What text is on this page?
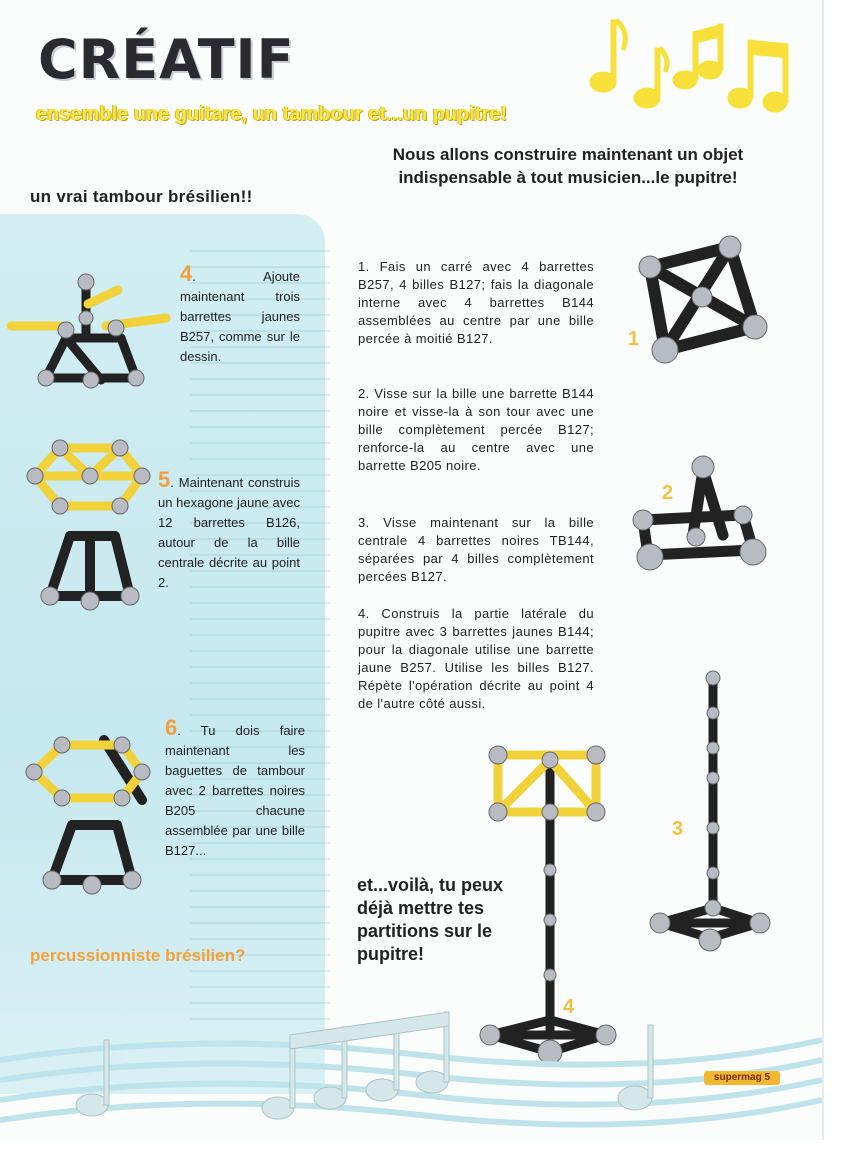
CRÉATIF
ensemble une guitare, un tambour et...un pupitre!
un vrai tambour brésilien!!
Nous allons construire maintenant un objet indispensable à tout musicien...le pupitre!
4. Ajoute maintenant trois barrettes jaunes B257, comme sur le dessin.
5. Maintenant construis un hexagone jaune avec 12 barrettes B126, autour de la bille centrale décrite au point 2.
6. Tu dois faire maintenant les baguettes de tambour avec 2 barrettes noires B205 chacune assemblée par une bille B127...
percussionniste brésilien?
1. Fais un carré avec 4 barrettes B257, 4 billes B127; fais la diagonale interne avec 4 barrettes B144 assemblées au centre par une bille percée à moitié B127.
2. Visse sur la bille une barrette B144 noire et visse-la à son tour avec une bille complètement percée B127; renforce-la au centre avec une barrette B205 noire.
3. Visse maintenant sur la bille centrale 4 barrettes noires TB144, séparées par 4 billes complètement percées B127.
4. Construis la partie latérale du pupitre avec 3 barrettes jaunes B144; pour la diagonale utilise une barrette jaune B257. Utilise les billes B127. Répète l'opération décrite au point 4 de l'autre côté aussi.
1
2
3
4
et...voilà, tu peux déjà mettre tes partitions sur le pupitre!
supermag 5
